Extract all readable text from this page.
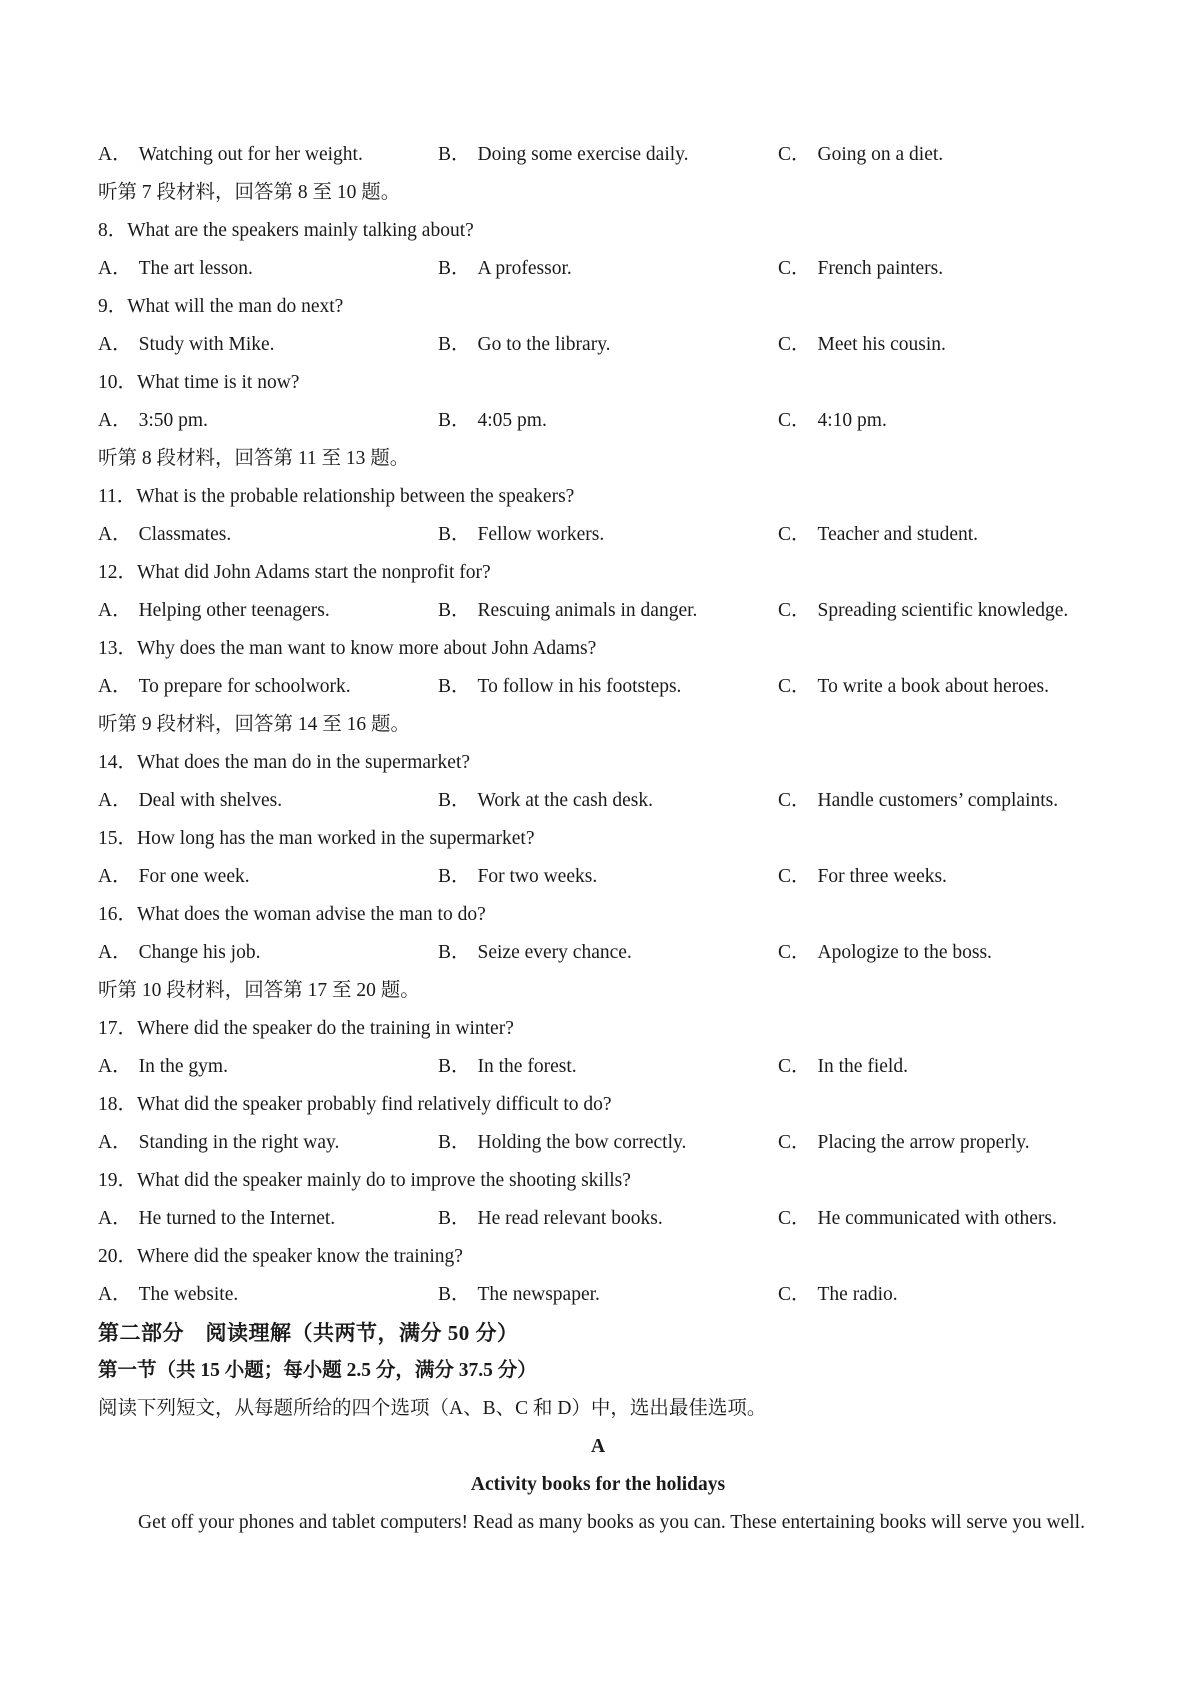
A． Watching out for her weight.	B． Doing some exercise daily.	C． Going on a diet.
听第 7 段材料，回答第 8 至 10 题。
8．What are the speakers mainly talking about?
A． The art lesson.	B． A professor.	C． French painters.
9．What will the man do next?
A． Study with Mike.	B． Go to the library.	C． Meet his cousin.
10．What time is it now?
A． 3:50 pm.	B． 4:05 pm.	C． 4:10 pm.
听第 8 段材料，回答第 11 至 13 题。
11．What is the probable relationship between the speakers?
A． Classmates.	B． Fellow workers.	C． Teacher and student.
12．What did John Adams start the nonprofit for?
A． Helping other teenagers.	B． Rescuing animals in danger.	C． Spreading scientific knowledge.
13．Why does the man want to know more about John Adams?
A． To prepare for schoolwork.	B． To follow in his footsteps.	C． To write a book about heroes.
听第 9 段材料，回答第 14 至 16 题。
14．What does the man do in the supermarket?
A． Deal with shelves.	B． Work at the cash desk.	C． Handle customers’ complaints.
15．How long has the man worked in the supermarket?
A． For one week.	B． For two weeks.	C． For three weeks.
16．What does the woman advise the man to do?
A． Change his job.	B． Seize every chance.	C． Apologize to the boss.
听第 10 段材料，回答第 17 至 20 题。
17．Where did the speaker do the training in winter?
A． In the gym.	B． In the forest.	C． In the field.
18．What did the speaker probably find relatively difficult to do?
A． Standing in the right way.	B． Holding the bow correctly.	C． Placing the arrow properly.
19．What did the speaker mainly do to improve the shooting skills?
A． He turned to the Internet.	B． He read relevant books.	C． He communicated with others.
20．Where did the speaker know the training?
A． The website.	B． The newspaper.	C． The radio.
第二部分　阅读理解（共两节，满分 50 分）
第一节（共 15 小题；每小题 2.5 分，满分 37.5 分）
阅读下列短文，从每题所给的四个选项（A、B、C 和 D）中，选出最佳选项。
A
Activity books for the holidays
Get off your phones and tablet computers! Read as many books as you can. These entertaining books will serve you well.
